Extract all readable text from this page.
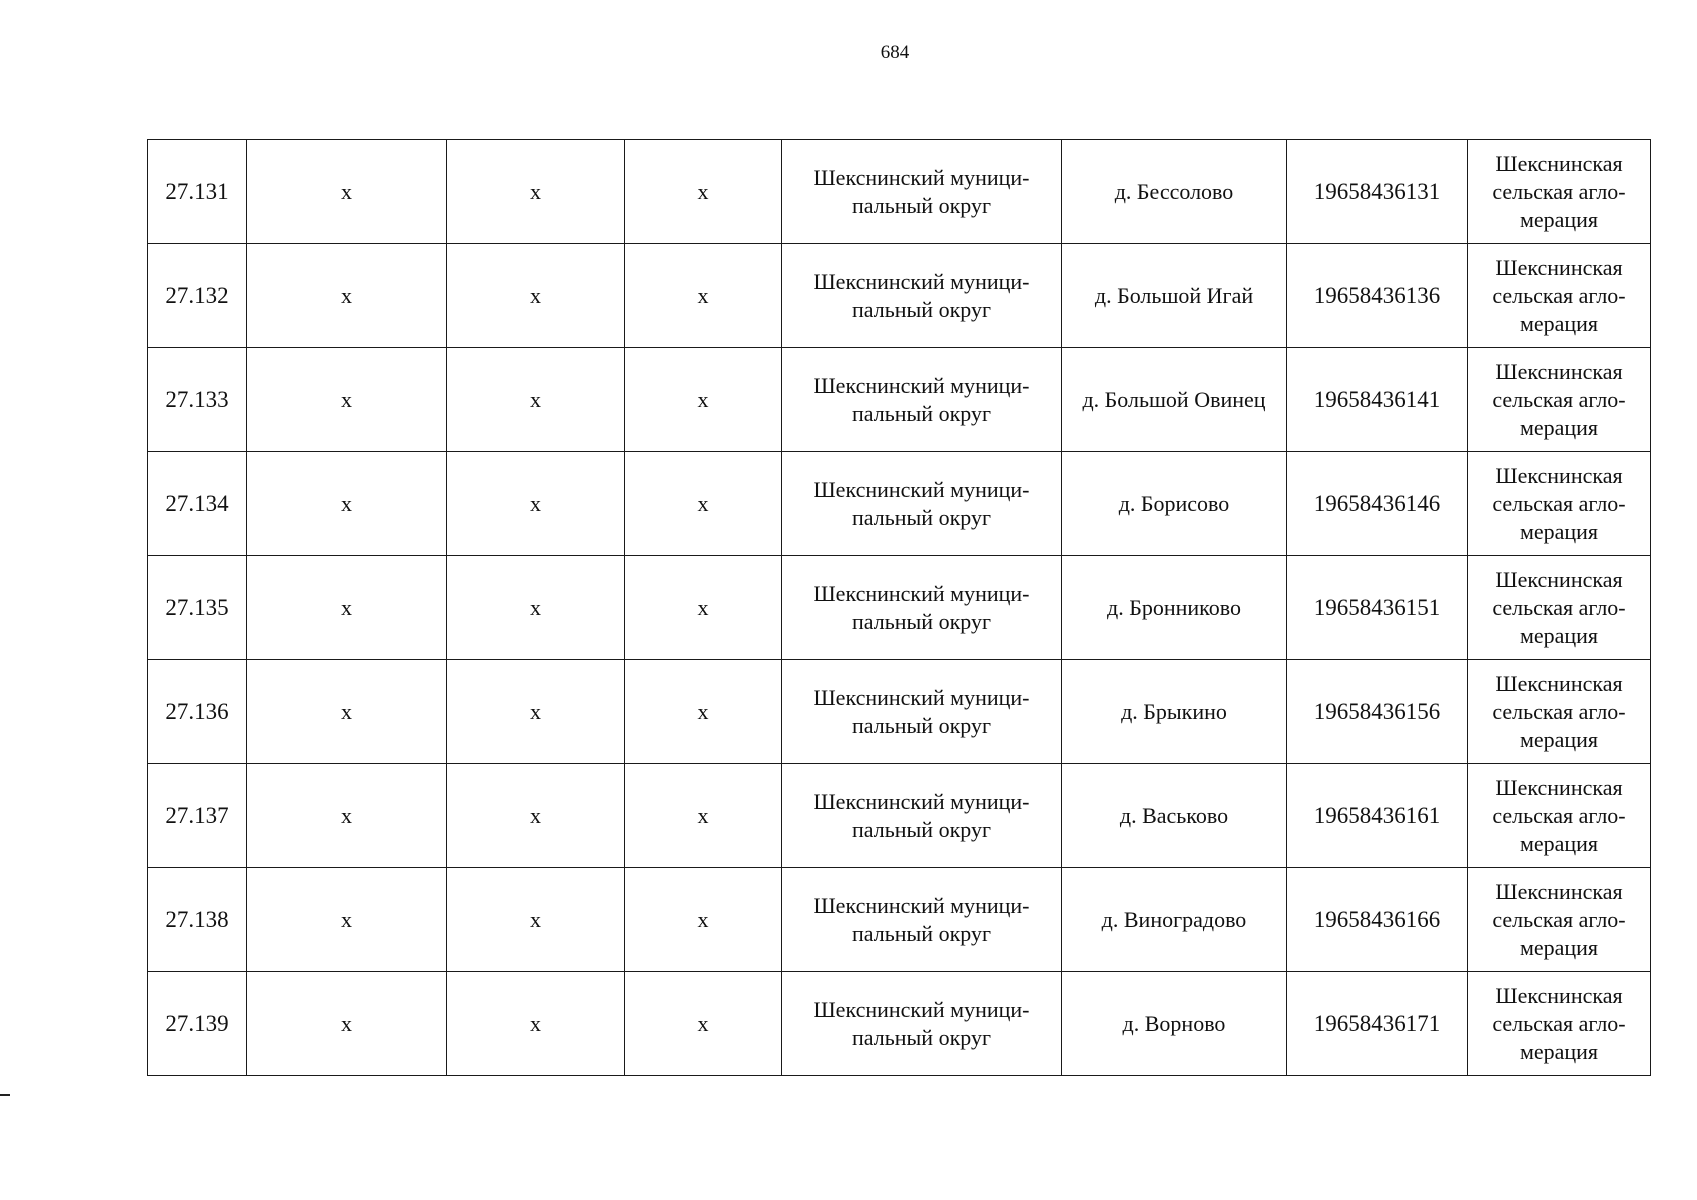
684
27.131	x	x	x	Шекснинский муници-
пальный округ	д. Бессолово	19658436131	Шекснинская
сельская агло-
мерация
27.132	x	x	x	Шекснинский муници-
пальный округ	д. Большой Игай	19658436136	Шекснинская
сельская агло-
мерация
27.133	x	x	x	Шекснинский муници-
пальный округ	д. Большой Овинец	19658436141	Шекснинская
сельская агло-
мерация
27.134	x	x	x	Шекснинский муници-
пальный округ	д. Борисово	19658436146	Шекснинская
сельская агло-
мерация
27.135	x	x	x	Шекснинский муници-
пальный округ	д. Бронниково	19658436151	Шекснинская
сельская агло-
мерация
27.136	x	x	x	Шекснинский муници-
пальный округ	д. Брыкино	19658436156	Шекснинская
сельская агло-
мерация
27.137	x	x	x	Шекснинский муници-
пальный округ	д. Васьково	19658436161	Шекснинская
сельская агло-
мерация
27.138	x	x	x	Шекснинский муници-
пальный округ	д. Виноградово	19658436166	Шекснинская
сельская агло-
мерация
27.139	x	x	x	Шекснинский муници-
пальный округ	д. Ворново	19658436171	Шекснинская
сельская агло-
мерация
